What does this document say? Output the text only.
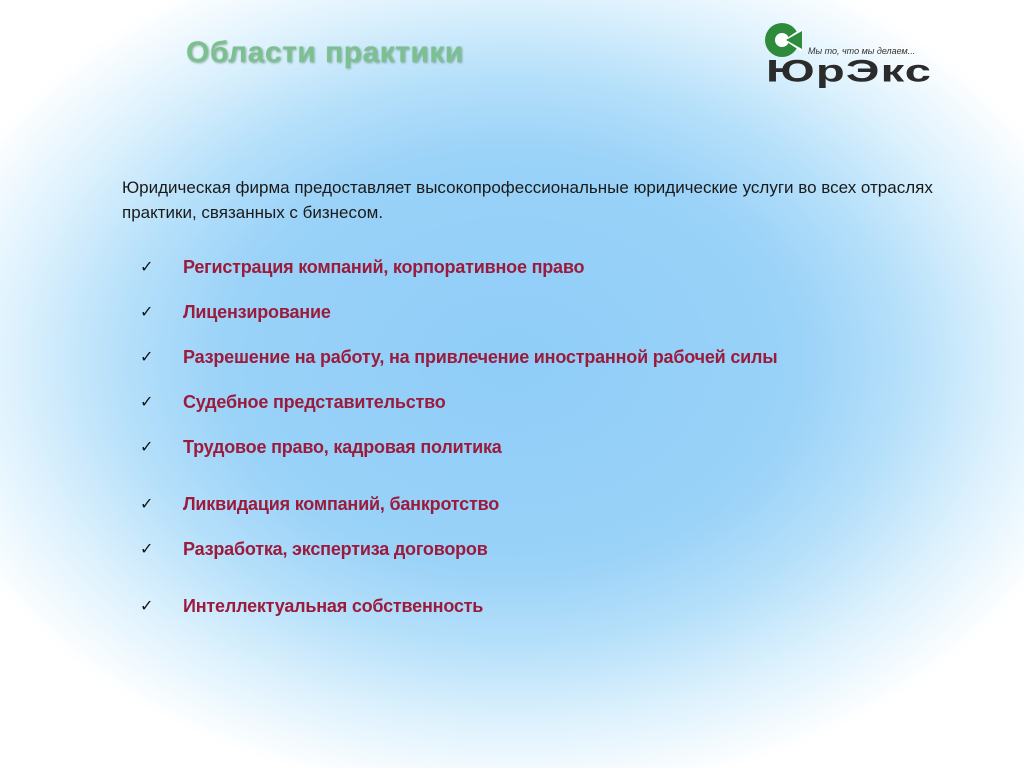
Области практики	Мы то, что мы делаем...
ЮрЭкс

Юридическая фирма предоставляет высокопрофессиональные юридические услуги во всех отраслях практики, связанных с бизнесом.

✓ Регистрация компаний, корпоративное право
✓ Лицензирование
✓ Разрешение на работу, на привлечение иностранной рабочей силы
✓ Судебное представительство
✓ Трудовое право, кадровая политика
✓ Ликвидация компаний, банкротство
✓ Разработка, экспертиза договоров
✓ Интеллектуальная собственность
